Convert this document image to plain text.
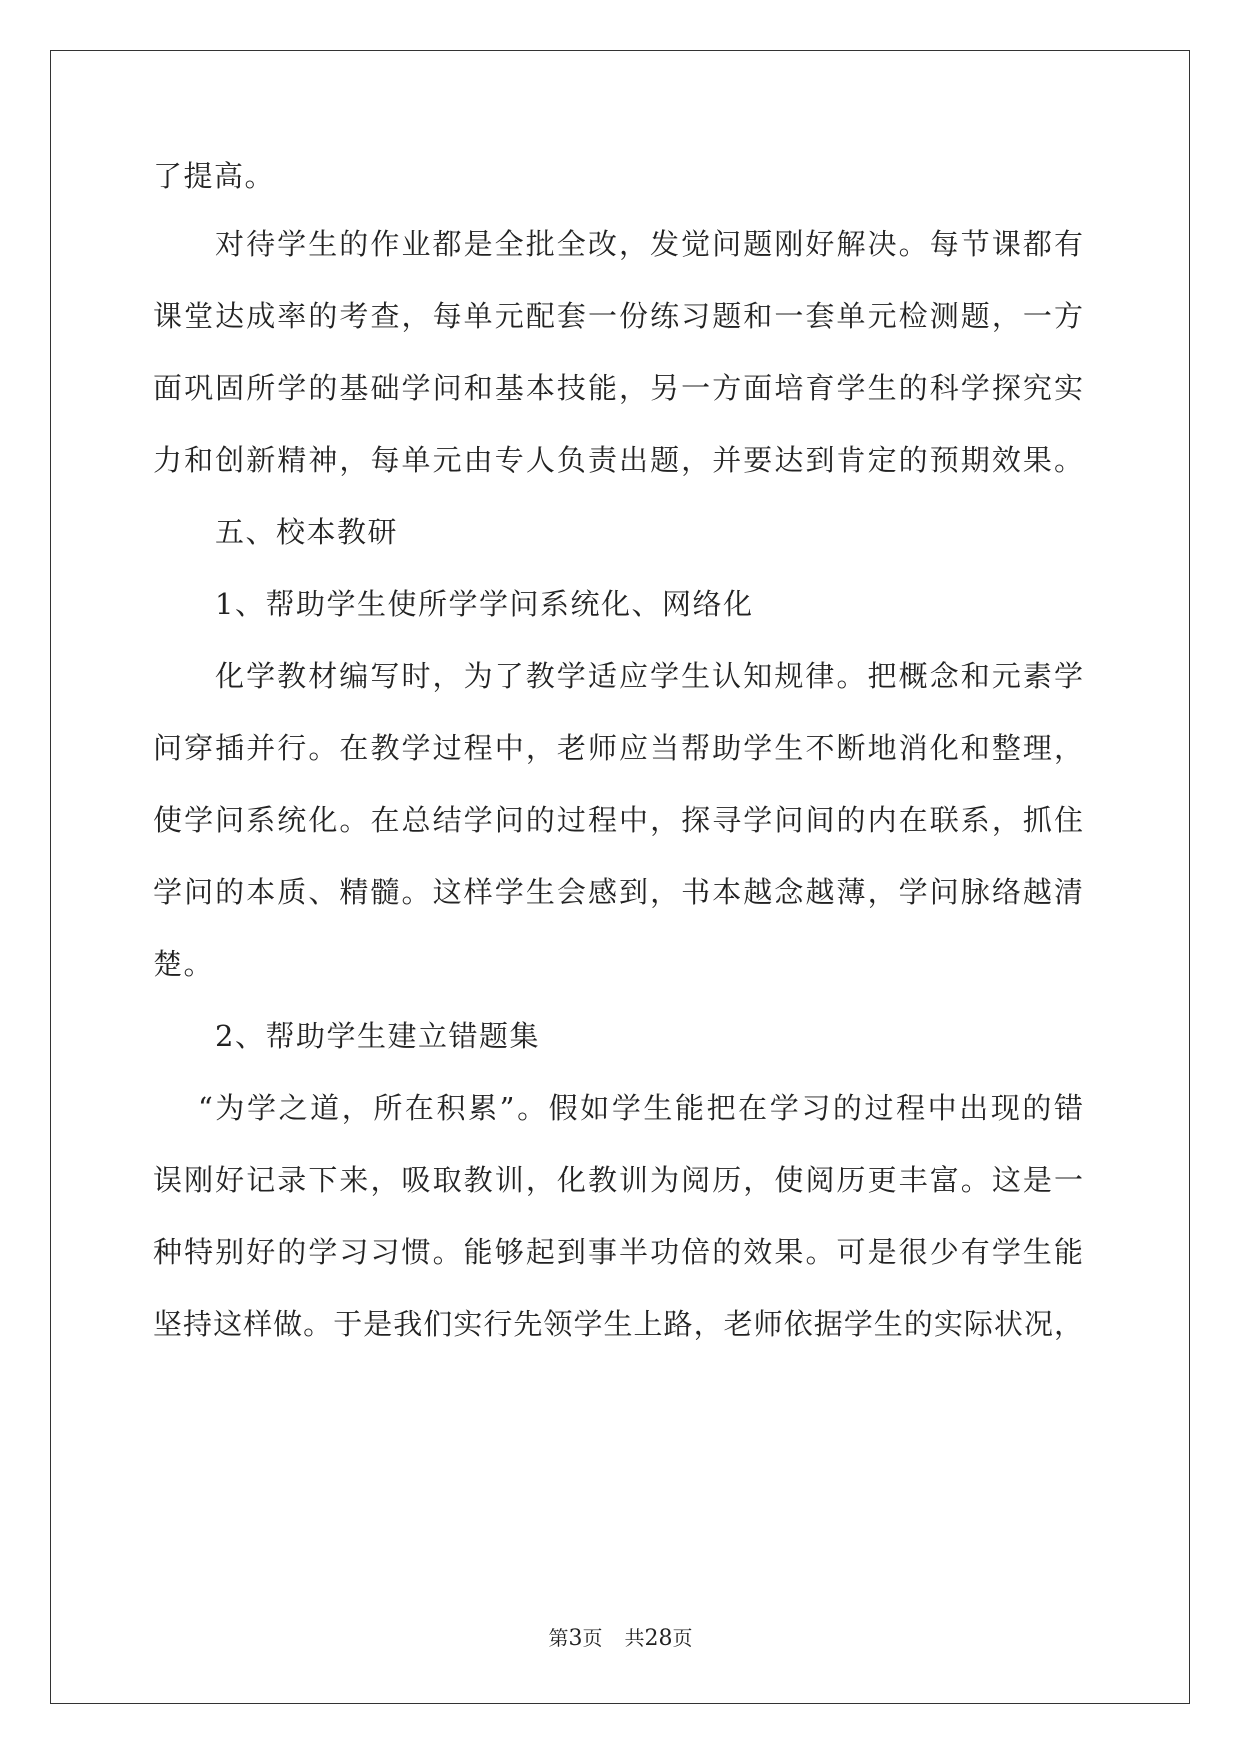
了提高。
对待学生的作业都是全批全改，发觉问题刚好解决。每节课都有
课堂达成率的考查，每单元配套一份练习题和一套单元检测题，一方
面巩固所学的基础学问和基本技能，另一方面培育学生的科学探究实
力和创新精神，每单元由专人负责出题，并要达到肯定的预期效果。
五、校本教研
1、帮助学生使所学学问系统化、网络化
化学教材编写时，为了教学适应学生认知规律。把概念和元素学
问穿插并行。在教学过程中，老师应当帮助学生不断地消化和整理，
使学问系统化。在总结学问的过程中，探寻学问间的内在联系，抓住
学问的本质、精髓。这样学生会感到，书本越念越薄，学问脉络越清
楚。
2、帮助学生建立错题集
“为学之道，所在积累”。假如学生能把在学习的过程中出现的错
误刚好记录下来，吸取教训，化教训为阅历，使阅历更丰富。这是一
种特别好的学习习惯。能够起到事半功倍的效果。可是很少有学生能
坚持这样做。于是我们实行先领学生上路，老师依据学生的实际状况，
第3页 共28页
